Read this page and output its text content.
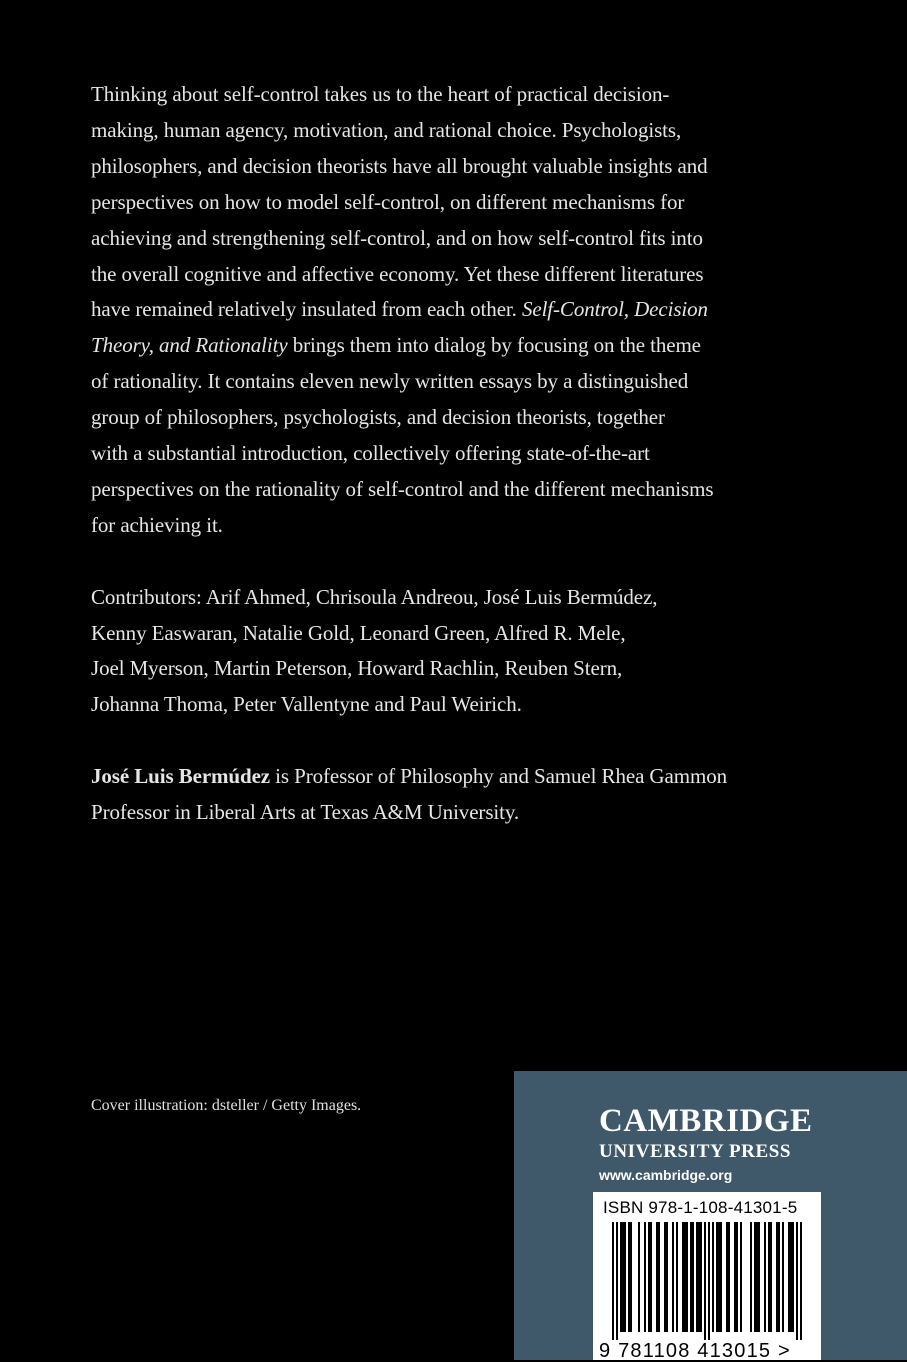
Thinking about self-control takes us to the heart of practical decision-
making, human agency, motivation, and rational choice. Psychologists,
philosophers, and decision theorists have all brought valuable insights and
perspectives on how to model self-control, on different mechanisms for
achieving and strengthening self-control, and on how self-control fits into
the overall cognitive and affective economy. Yet these different literatures
have remained relatively insulated from each other. Self-Control, Decision
Theory, and Rationality brings them into dialog by focusing on the theme
of rationality. It contains eleven newly written essays by a distinguished
group of philosophers, psychologists, and decision theorists, together
with a substantial introduction, collectively offering state-of-the-art
perspectives on the rationality of self-control and the different mechanisms
for achieving it.

Contributors: Arif Ahmed, Chrisoula Andreou, José Luis Bermúdez,
Kenny Easwaran, Natalie Gold, Leonard Green, Alfred R. Mele,
Joel Myerson, Martin Peterson, Howard Rachlin, Reuben Stern,
Johanna Thoma, Peter Vallentyne and Paul Weirich.

José Luis Bermúdez is Professor of Philosophy and Samuel Rhea Gammon
Professor in Liberal Arts at Texas A&M University.

Cover illustration: dsteller / Getty Images.	CAMBRIDGE
UNIVERSITY PRESS
www.cambridge.org
ISBN 978-1-108-41301-5
9 781108 413015 >
